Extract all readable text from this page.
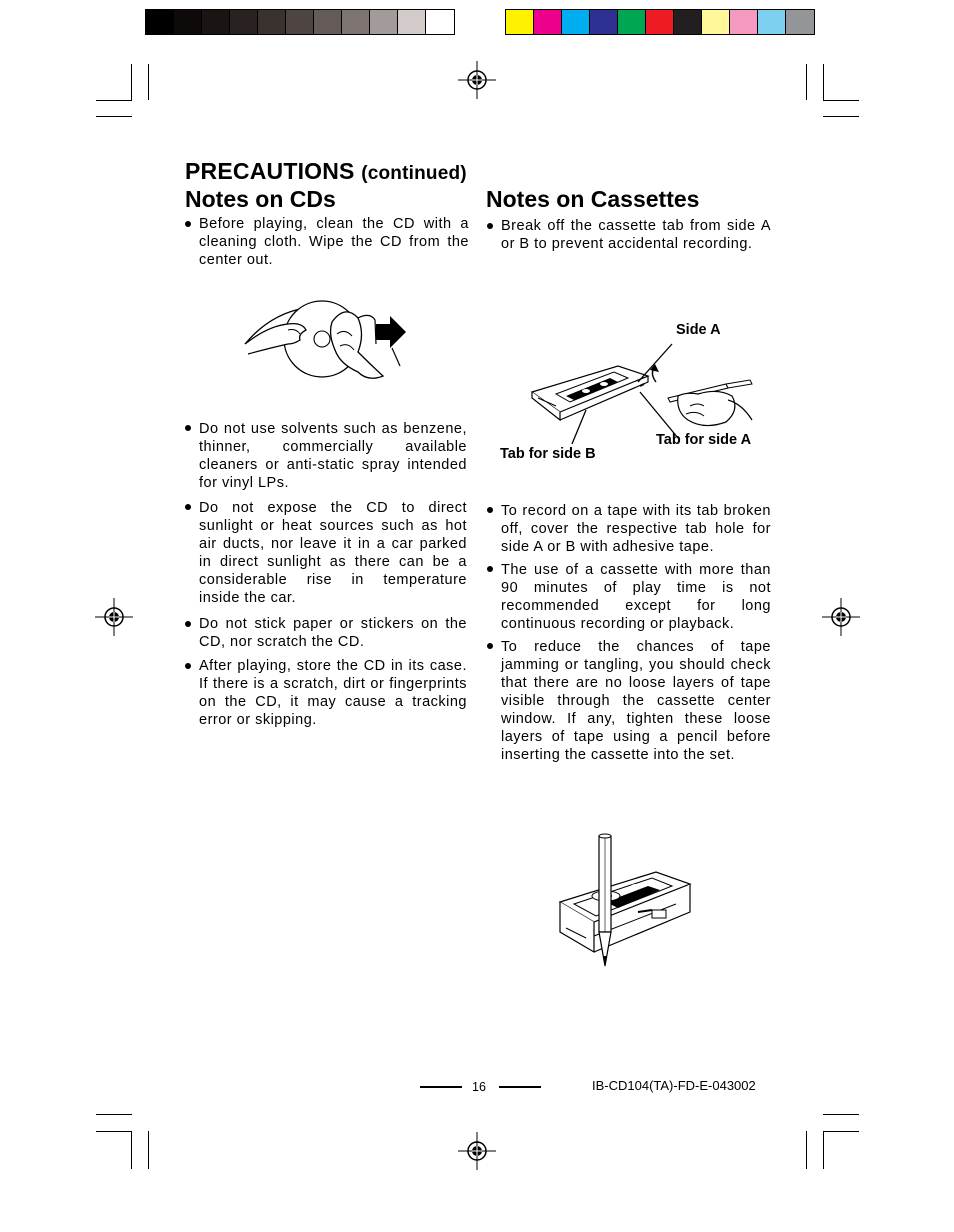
PRECAUTIONS (continued)
Notes on CDs	Notes on Cassettes
Before playing, clean the CD with a cleaning cloth. Wipe the CD from the center out.
Do not use solvents such as benzene, thinner, commercially available cleaners or anti-static spray intended for vinyl LPs.
Do not expose the CD to direct sunlight or heat sources such as hot air ducts, nor leave it in a car parked in direct sunlight as there can be a considerable rise in temperature inside the car.
Do not stick paper or stickers on the CD, nor scratch the CD.
After playing, store the CD in its case. If there is a scratch, dirt or fingerprints on the CD, it may cause a tracking error or skipping.
Break off the cassette tab from side A or B to prevent accidental recording.
Side A
Tab for side A
Tab for side B
To record on a tape with its tab broken off, cover the respective tab hole for side A or B with adhesive tape.
The use of a cassette with more than 90 minutes of play time is not recommended except for long continuous recording or playback.
To reduce the chances of tape jamming or tangling, you should check that there are no loose layers of tape visible through the cassette center window. If any, tighten these loose layers of tape using a pencil before inserting the cassette into the set.
16	IB-CD104(TA)-FD-E-043002
